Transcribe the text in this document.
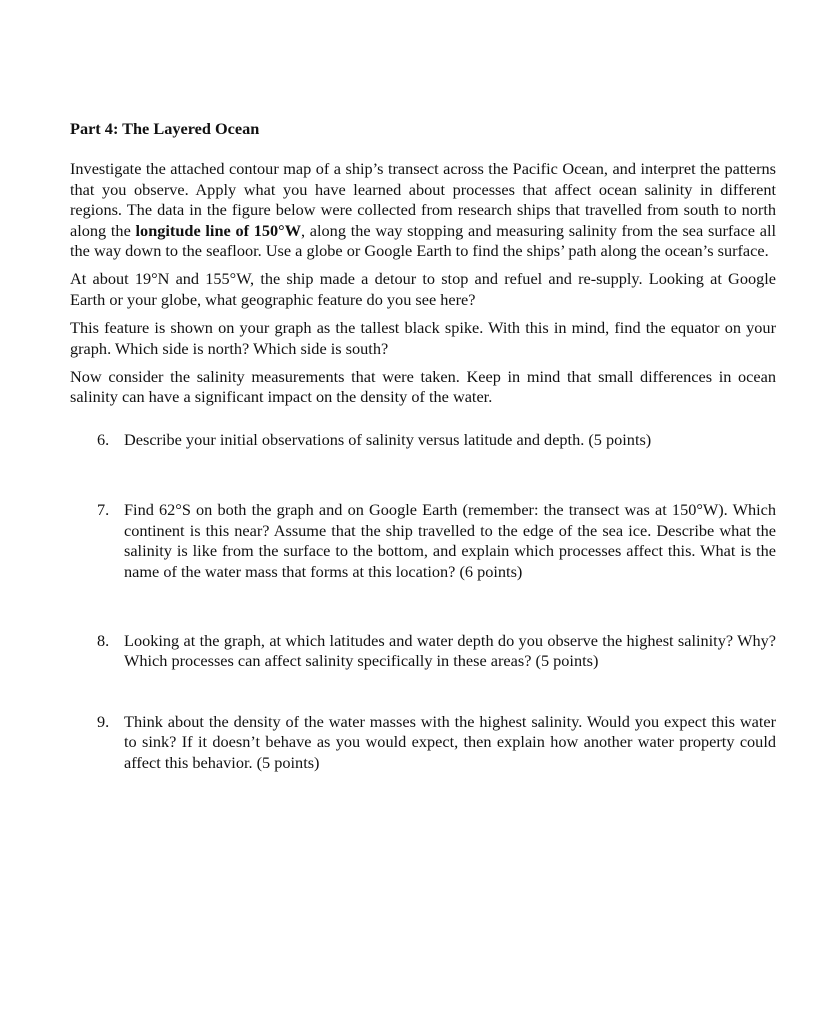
Part 4: The Layered Ocean

Investigate the attached contour map of a ship’s transect across the Pacific Ocean, and interpret the patterns that you observe. Apply what you have learned about processes that affect ocean salinity in different regions. The data in the figure below were collected from research ships that travelled from south to north along the longitude line of 150°W, along the way stopping and measuring salinity from the sea surface all the way down to the seafloor. Use a globe or Google Earth to find the ships’ path along the ocean’s surface.

At about 19°N and 155°W, the ship made a detour to stop and refuel and re-supply. Looking at Google Earth or your globe, what geographic feature do you see here?

This feature is shown on your graph as the tallest black spike. With this in mind, find the equator on your graph. Which side is north? Which side is south?

Now consider the salinity measurements that were taken. Keep in mind that small differences in ocean salinity can have a significant impact on the density of the water.

6. Describe your initial observations of salinity versus latitude and depth. (5 points)
7. Find 62°S on both the graph and on Google Earth (remember: the transect was at 150°W). Which continent is this near? Assume that the ship travelled to the edge of the sea ice. Describe what the salinity is like from the surface to the bottom, and explain which processes affect this. What is the name of the water mass that forms at this location? (6 points)
8. Looking at the graph, at which latitudes and water depth do you observe the highest salinity? Why? Which processes can affect salinity specifically in these areas? (5 points)
9. Think about the density of the water masses with the highest salinity. Would you expect this water to sink? If it doesn’t behave as you would expect, then explain how another water property could affect this behavior. (5 points)
